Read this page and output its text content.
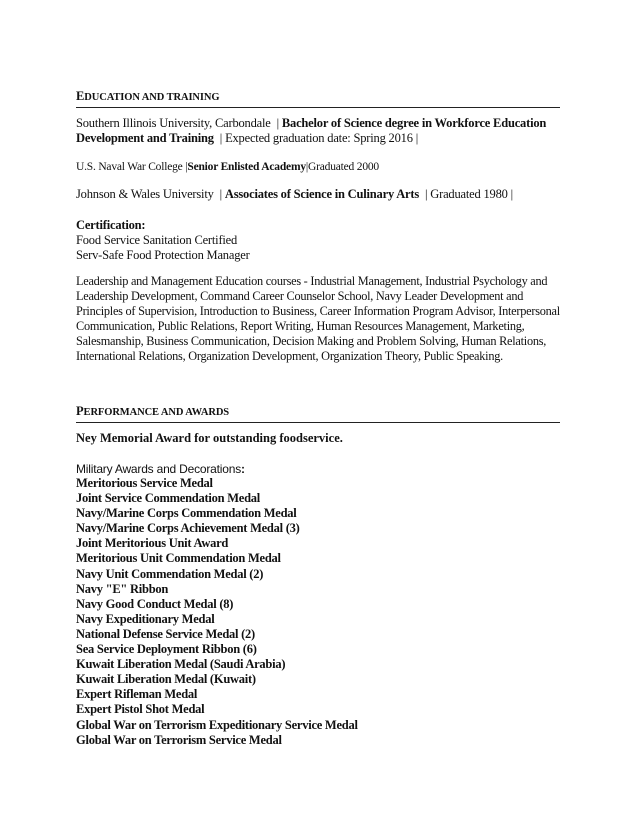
EDUCATION AND TRAINING
Southern Illinois University, Carbondale | Bachelor of Science degree in Workforce Education Development and Training | Expected graduation date: Spring 2016 |
U.S. Naval War College |Senior Enlisted Academy|Graduated 2000
Johnson & Wales University | Associates of Science in Culinary Arts | Graduated 1980 |
Certification:
Food Service Sanitation Certified
Serv-Safe Food Protection Manager
Leadership and Management Education courses - Industrial Management, Industrial Psychology and Leadership Development, Command Career Counselor School, Navy Leader Development and Principles of Supervision, Introduction to Business, Career Information Program Advisor, Interpersonal Communication, Public Relations, Report Writing, Human Resources Management, Marketing, Salesmanship, Business Communication, Decision Making and Problem Solving, Human Relations, International Relations, Organization Development, Organization Theory, Public Speaking.
PERFORMANCE AND AWARDS
Ney Memorial Award for outstanding foodservice.
Military Awards and Decorations:
Meritorious Service Medal
Joint Service Commendation Medal
Navy/Marine Corps Commendation Medal
Navy/Marine Corps Achievement Medal (3)
Joint Meritorious Unit Award
Meritorious Unit Commendation Medal
Navy Unit Commendation Medal (2)
Navy "E" Ribbon
Navy Good Conduct Medal (8)
Navy Expeditionary Medal
National Defense Service Medal (2)
Sea Service Deployment Ribbon (6)
Kuwait Liberation Medal (Saudi Arabia)
Kuwait Liberation Medal (Kuwait)
Expert Rifleman Medal
Expert Pistol Shot Medal
Global War on Terrorism Expeditionary Service Medal
Global War on Terrorism Service Medal
